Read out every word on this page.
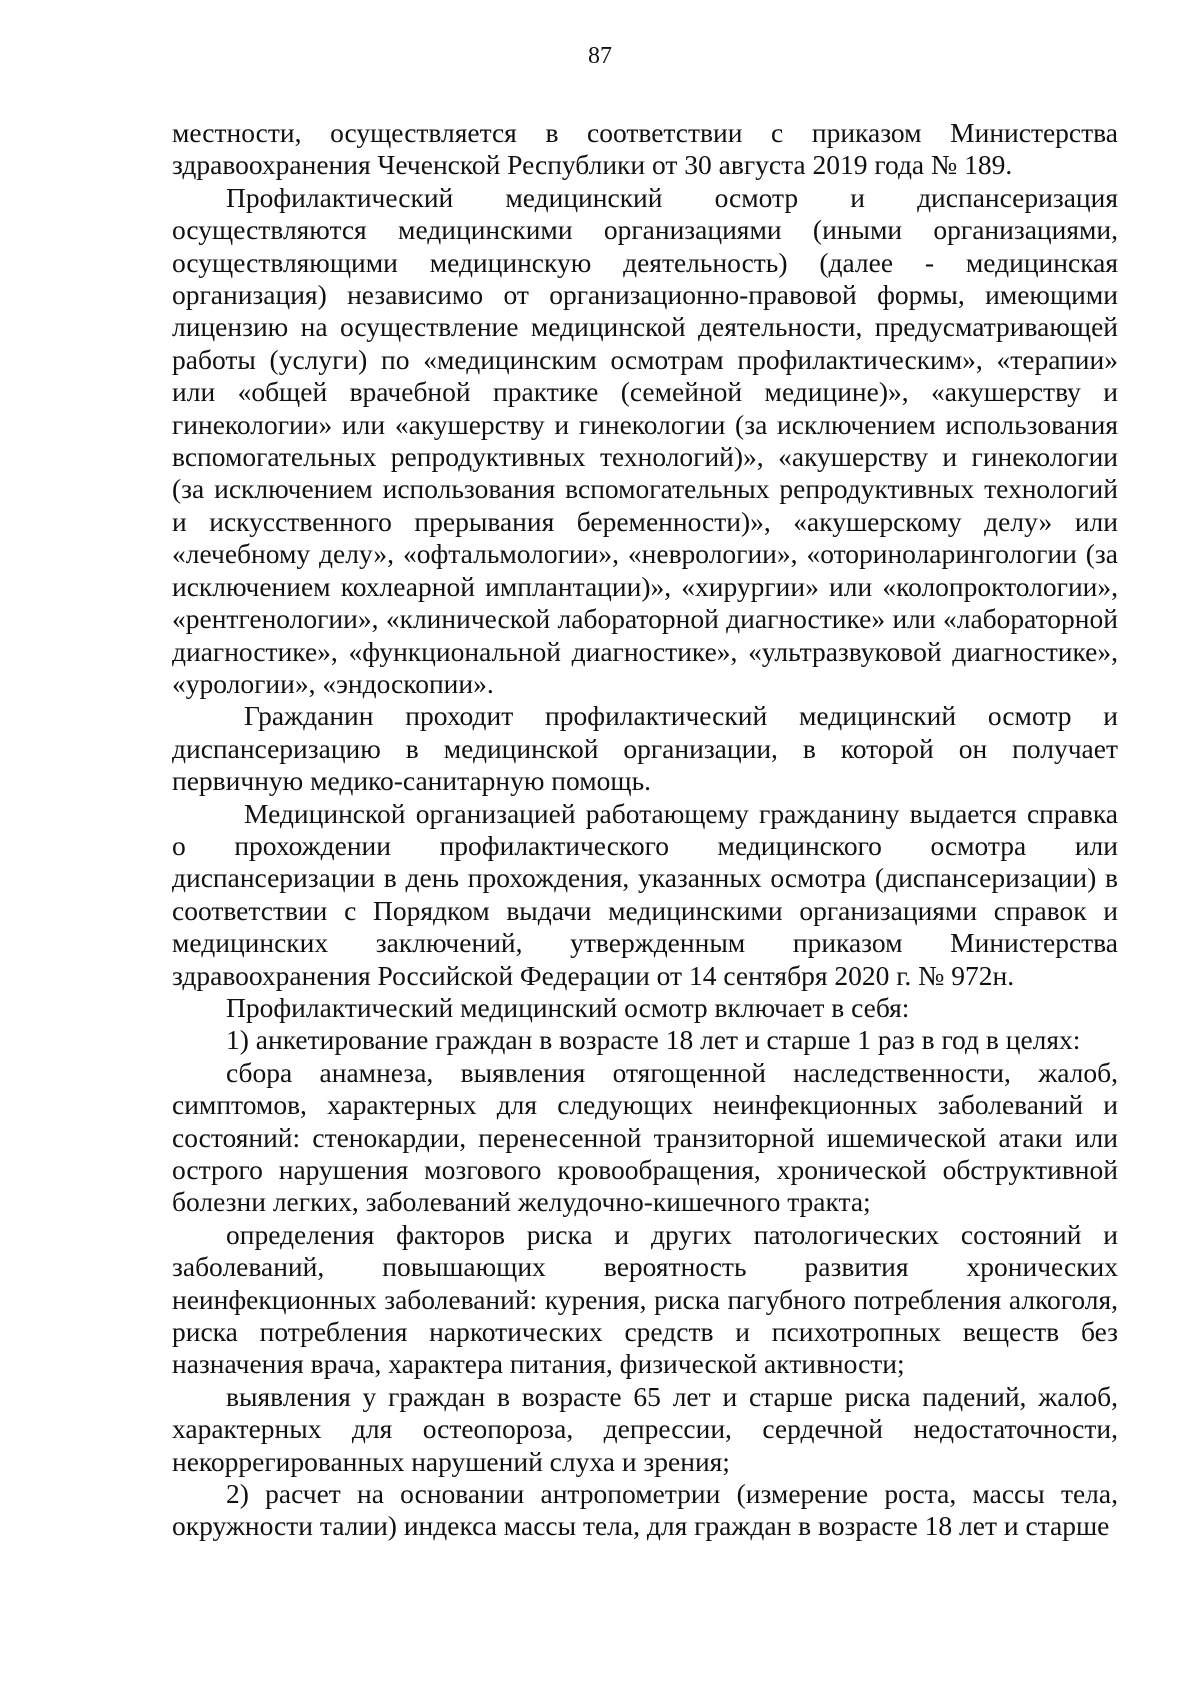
87

местности, осуществляется в соответствии с приказом Министерства здравоохранения Чеченской Республики от 30 августа 2019 года № 189.

Профилактический медицинский осмотр и диспансеризация осуществляются медицинскими организациями (иными организациями, осуществляющими медицинскую деятельность) (далее - медицинская организация) независимо от организационно-правовой формы, имеющими лицензию на осуществление медицинской деятельности, предусматривающей работы (услуги) по «медицинским осмотрам профилактическим», «терапии» или «общей врачебной практике (семейной медицине)», «акушерству и гинекологии» или «акушерству и гинекологии (за исключением использования вспомогательных репродуктивных технологий)», «акушерству и гинекологии (за исключением использования вспомогательных репродуктивных технологий и искусственного прерывания беременности)», «акушерскому делу» или «лечебному делу», «офтальмологии», «неврологии», «оториноларингологии (за исключением кохлеарной имплантации)», «хирургии» или «колопроктологии», «рентгенологии», «клинической лабораторной диагностике» или «лабораторной диагностике», «функциональной диагностике», «ультразвуковой диагностике», «урологии», «эндоскопии».

Гражданин проходит профилактический медицинский осмотр и диспансеризацию в медицинской организации, в которой он получает первичную медико-санитарную помощь.

Медицинской организацией работающему гражданину выдается справка о прохождении профилактического медицинского осмотра или диспансеризации в день прохождения, указанных осмотра (диспансеризации) в соответствии с Порядком выдачи медицинскими организациями справок и медицинских заключений, утвержденным приказом Министерства здравоохранения Российской Федерации от 14 сентября 2020 г. № 972н.

Профилактический медицинский осмотр включает в себя:

1) анкетирование граждан в возрасте 18 лет и старше 1 раз в год в целях:

сбора анамнеза, выявления отягощенной наследственности, жалоб, симптомов, характерных для следующих неинфекционных заболеваний и состояний: стенокардии, перенесенной транзиторной ишемической атаки или острого нарушения мозгового кровообращения, хронической обструктивной болезни легких, заболеваний желудочно-кишечного тракта;

определения факторов риска и других патологических состояний и заболеваний, повышающих вероятность развития хронических неинфекционных заболеваний: курения, риска пагубного потребления алкоголя, риска потребления наркотических средств и психотропных веществ без назначения врача, характера питания, физической активности;

выявления у граждан в возрасте 65 лет и старше риска падений, жалоб, характерных для остеопороза, депрессии, сердечной недостаточности, некоррегированных нарушений слуха и зрения;

2) расчет на основании антропометрии (измерение роста, массы тела, окружности талии) индекса массы тела, для граждан в возрасте 18 лет и старше
